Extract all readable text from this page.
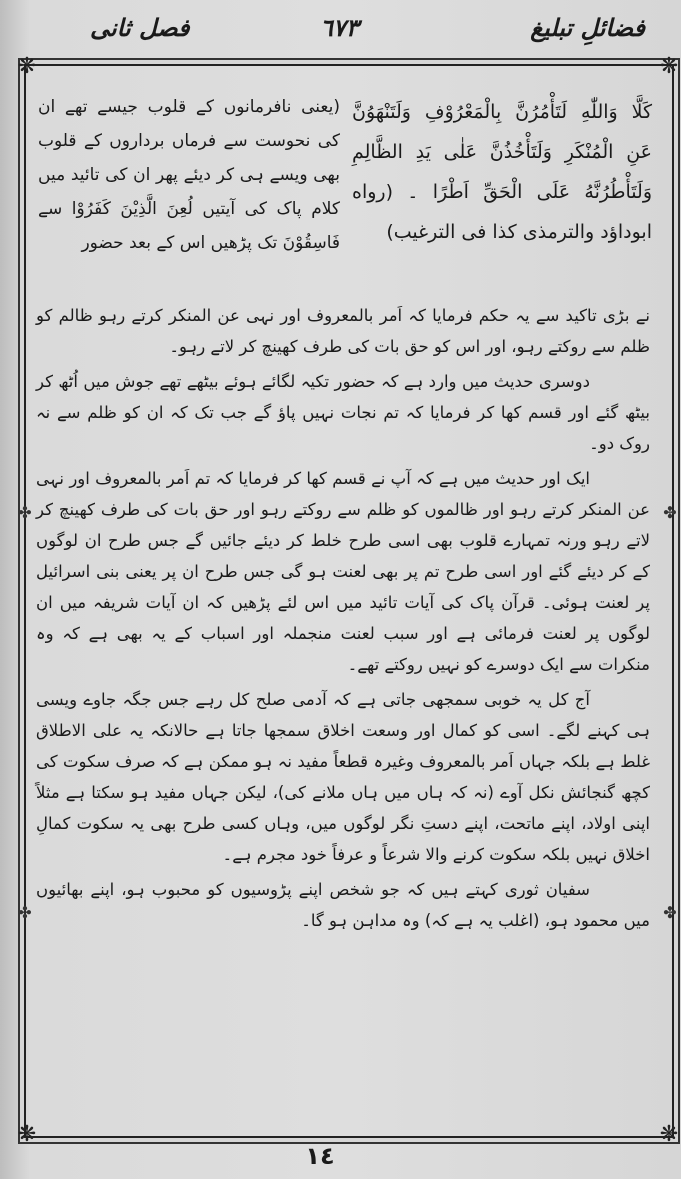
فضائلِ تبلیغ
٦٧٣
فصل ثانی
❋	❋
❋	❋
✤	✤
✤	✤
كَلَّا وَاللّٰهِ لَتَأْمُرُنَّ بِالْمَعْرُوْفِ وَلَتَنْهَوُنَّ عَنِ الْمُنْكَرِ وَلَتَأْخُذُنَّ عَلٰى يَدِ الظَّالِمِ وَلَتَأْطُرُنَّهُ عَلَى الْحَقِّ اَطْرًا ۔ (رواه ابوداؤد والترمذی كذا فی الترغیب)
(یعنی نافرمانوں کے قلوب جیسے تھے ان کی نحوست سے فرماں برداروں کے قلوب بھی ویسے ہی کر دیئے پھر ان کی تائید میں کلام پاک کی آیتیں لُعِنَ الَّذِیْنَ كَفَرُوْا سے فَاسِقُوْنَ تک پڑھیں اس کے بعد حضور

نے بڑی تاکید سے یہ حکم فرمایا کہ اَمر بالمعروف اور نہی عن المنکر کرتے رہو ظالم کو ظلم سے روکتے رہو، اور اس کو حق بات کی طرف کھینچ کر لاتے رہو۔

دوسری حدیث میں وارد ہے کہ حضور تکیہ لگائے ہوئے بیٹھے تھے جوش میں اُٹھ کر بیٹھ گئے اور قسم کھا کر فرمایا کہ تم نجات نہیں پاؤ گے جب تک کہ ان کو ظلم سے نہ روک دو۔

ایک اور حدیث میں ہے کہ آپ نے قسم کھا کر فرمایا کہ تم اَمر بالمعروف اور نہی عن المنکر کرتے رہو اور ظالموں کو ظلم سے روکتے رہو اور حق بات کی طرف کھینچ کر لاتے رہو ورنہ تمہارے قلوب بھی اسی طرح خلط کر دیئے جائیں گے جس طرح ان لوگوں کے کر دیئے گئے اور اسی طرح تم پر بھی لعنت ہو گی جس طرح ان پر یعنی بنی اسرائیل پر لعنت ہوئی۔ قرآن پاک کی آیات تائید میں اس لئے پڑھیں کہ ان آیات شریفہ میں ان لوگوں پر لعنت فرمائی ہے اور سبب لعنت منجملہ اور اسباب کے یہ بھی ہے کہ وہ منکرات سے ایک دوسرے کو نہیں روکتے تھے۔

آج کل یہ خوبی سمجھی جاتی ہے کہ آدمی صلح کل رہے جس جگہ جاوے ویسی ہی کہنے لگے۔ اسی کو کمال اور وسعت اخلاق سمجھا جاتا ہے حالانکہ یہ علی الاطلاق غلط ہے بلکہ جہاں اَمر بالمعروف وغیرہ قطعاً مفید نہ ہو ممکن ہے کہ صرف سکوت کی کچھ گنجائش نکل آوے (نہ کہ ہاں میں ہاں ملانے کی)، لیکن جہاں مفید ہو سکتا ہے مثلاً اپنی اولاد، اپنے ماتحت، اپنے دستِ نگر لوگوں میں، وہاں کسی طرح بھی یہ سکوت کمالِ اخلاق نہیں بلکہ سکوت کرنے والا شرعاً و عرفاً خود مجرم ہے۔

سفیان ثوری کہتے ہیں کہ جو شخص اپنے پڑوسیوں کو محبوب ہو، اپنے بھائیوں میں محمود ہو، (اغلب یہ ہے کہ) وہ مداہن ہو گا۔

١٤
